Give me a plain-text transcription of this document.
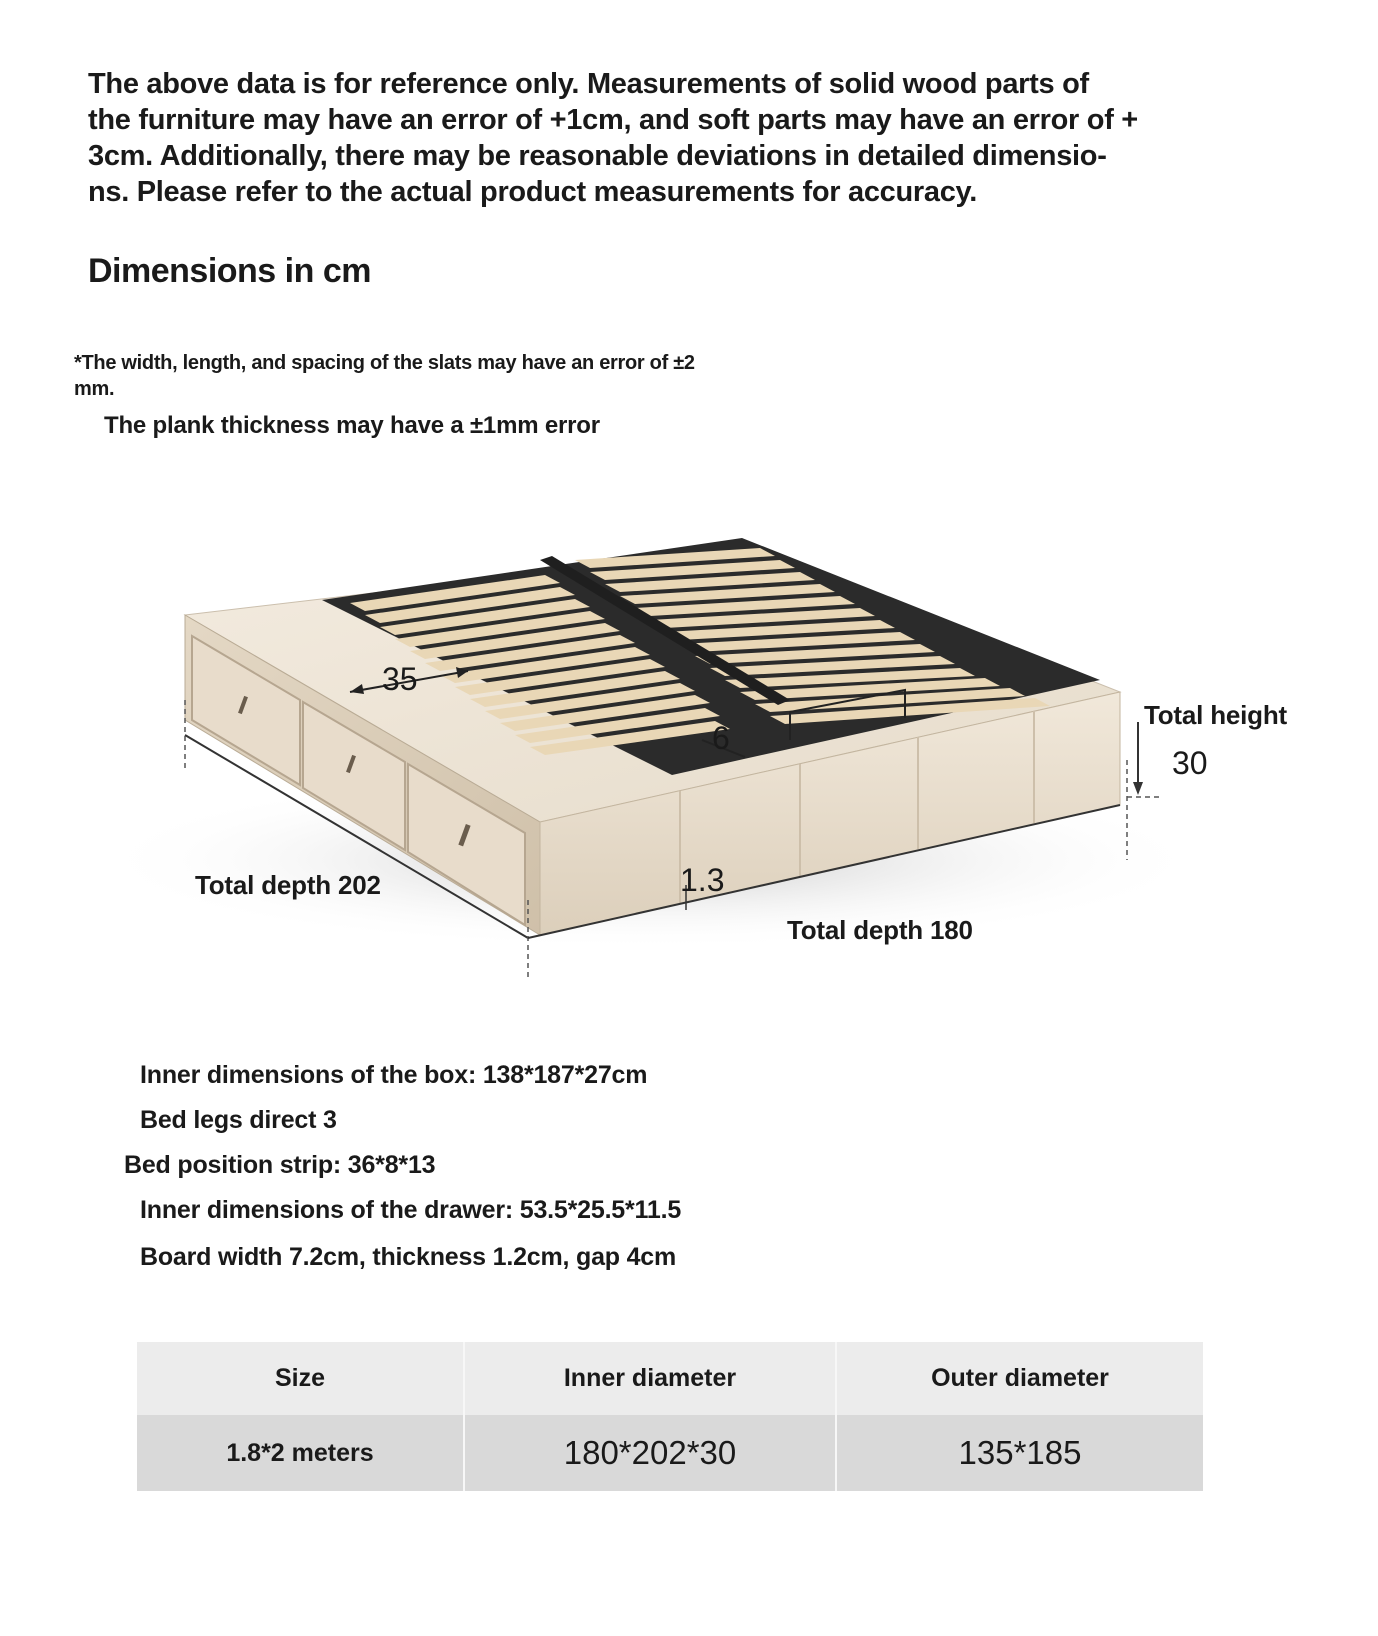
The above data is for reference only. Measurements of solid wood parts of
the furniture may have an error of +1cm, and soft parts may have an error of +
3cm. Additionally, there may be reasonable deviations in detailed dimensio-
ns. Please refer to the actual product measurements for accuracy.
Dimensions in cm
*The width, length, and spacing of the slats may have an error of ±2
mm.
The plank thickness may have a ±1mm error
35
6
1.3
Total height
30
Total depth 202
Total depth 180
Inner dimensions of the box: 138*187*27cm
Bed legs direct 3
Bed position strip: 36*8*13
Inner dimensions of the drawer: 53.5*25.5*11.5
Board width 7.2cm, thickness 1.2cm, gap 4cm
Size	Inner diameter	Outer diameter
1.8*2 meters	180*202*30	135*185
